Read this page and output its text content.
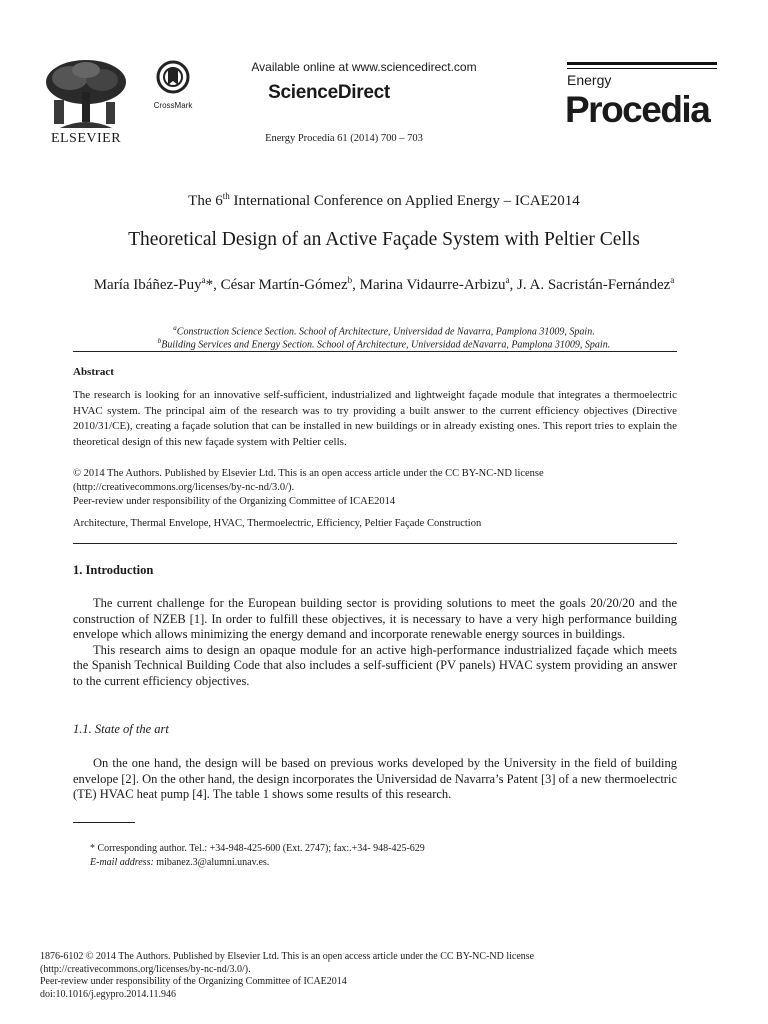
ELSEVIER
CrossMark
Available online at www.sciencedirect.com
ScienceDirect
Energy Procedia 61 (2014) 700 – 703
Energy
Procedia
The 6th International Conference on Applied Energy – ICAE2014
Theoretical Design of an Active Façade System with Peltier Cells
María Ibáñez-Puy$^a$*, César Martín-Gómez$^b$, Marina Vidaurre-Arbizu$^a$, J. A. Sacristán-Fernández$^a$
$^a$Construction Science Section. School of Architecture, Universidad de Navarra, Pamplona 31009, Spain.
$^b$Building Services and Energy Section. School of Architecture, Universidad deNavarra, Pamplona 31009, Spain.
Abstract
The research is looking for an innovative self-sufficient, industrialized and lightweight façade module that integrates a thermoelectric HVAC system. The principal aim of the research was to try providing a built answer to the current efficiency objectives (Directive 2010/31/CE), creating a façade solution that can be installed in new buildings or in already existing ones. This report tries to explain the theoretical design of this new façade system with Peltier cells.
© 2014 The Authors. Published by Elsevier Ltd. This is an open access article under the CC BY-NC-ND license
(http://creativecommons.org/licenses/by-nc-nd/3.0/).
Peer-review under responsibility of the Organizing Committee of ICAE2014
Architecture, Thermal Envelope, HVAC, Thermoelectric, Efficiency, Peltier Façade Construction
1. Introduction

The current challenge for the European building sector is providing solutions to meet the goals 20/20/20 and the construction of NZEB [1]. In order to fulfill these objectives, it is necessary to have a very high performance building envelope which allows minimizing the energy demand and incorporate renewable energy sources in buildings.

This research aims to design an opaque module for an active high-performance industrialized façade which meets the Spanish Technical Building Code that also includes a self-sufficient (PV panels) HVAC system providing an answer to the current efficiency objectives.

1.1. State of the art

On the one hand, the design will be based on previous works developed by the University in the field of building envelope [2]. On the other hand, the design incorporates the Universidad de Navarra’s Patent [3] of a new thermoelectric (TE) HVAC heat pump [4]. The table 1 shows some results of this research.

* Corresponding author. Tel.: +34-948-425-600 (Ext. 2747); fax:.+34- 948-425-629
E-mail address: mibanez.3@alumni.unav.es.
1876-6102 © 2014 The Authors. Published by Elsevier Ltd. This is an open access article under the CC BY-NC-ND license
(http://creativecommons.org/licenses/by-nc-nd/3.0/).
Peer-review under responsibility of the Organizing Committee of ICAE2014
doi:10.1016/j.egypro.2014.11.946
